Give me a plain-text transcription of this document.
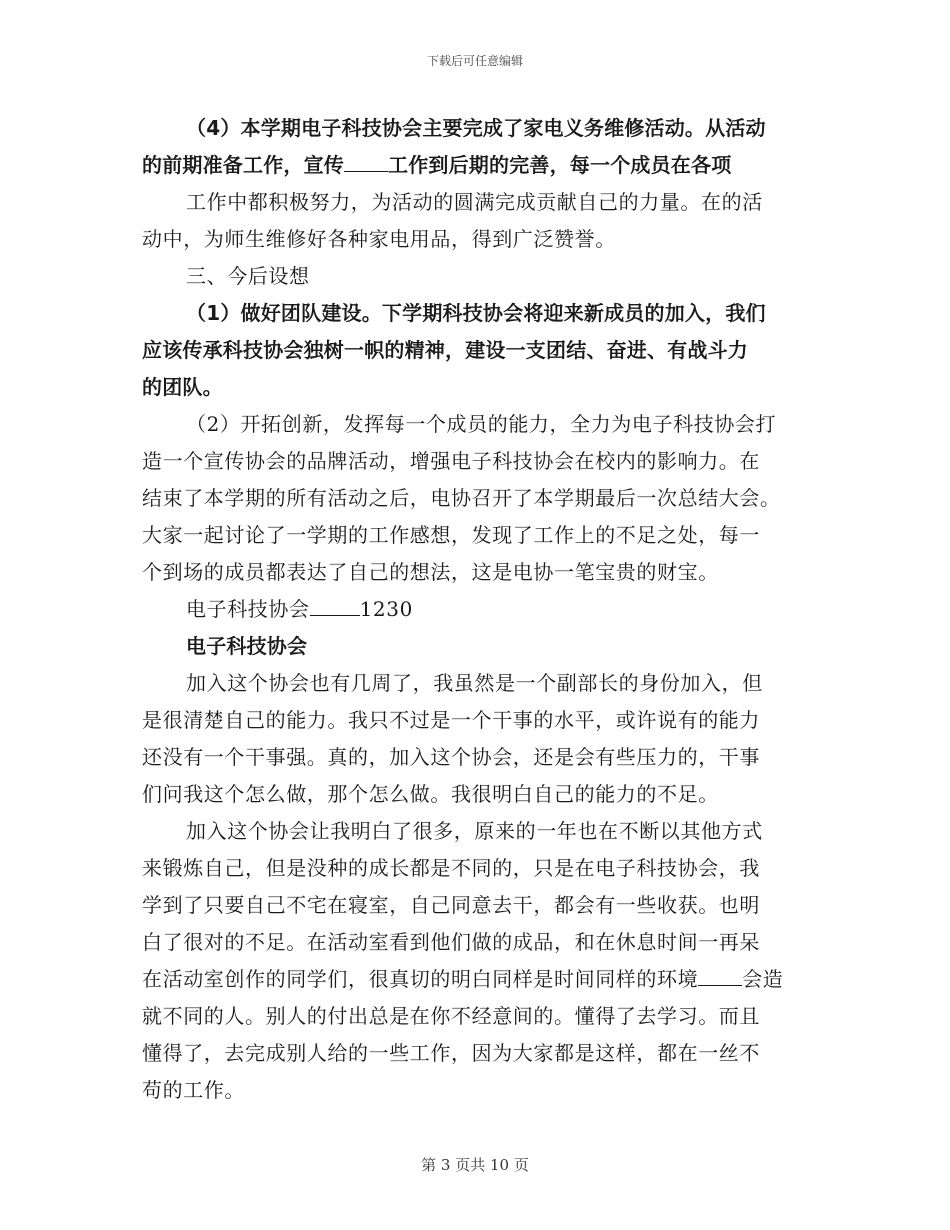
下载后可任意编辑
（4）本学期电子科技协会主要完成了家电义务维修活动。从活动
的前期准备工作，宣传 工作到后期的完善，每一个成员在各项
工作中都积极努力，为活动的圆满完成贡献自己的力量。在的活
动中，为师生维修好各种家电用品，得到广泛赞誉。
三、今后设想
（1）做好团队建设。下学期科技协会将迎来新成员的加入，我们
应该传承科技协会独树一帜的精神，建设一支团结、奋进、有战斗力
的团队。
（2）开拓创新，发挥每一个成员的能力，全力为电子科技协会打
造一个宣传协会的品牌活动，增强电子科技协会在校内的影响力。在
结束了本学期的所有活动之后，电协召开了本学期最后一次总结大会。
大家一起讨论了一学期的工作感想，发现了工作上的不足之处，每一
个到场的成员都表达了自己的想法，这是电协一笔宝贵的财宝。
电子科技协会	1230
电子科技协会
加入这个协会也有几周了，我虽然是一个副部长的身份加入，但
是很清楚自己的能力。我只不过是一个干事的水平，或许说有的能力
还没有一个干事强。真的，加入这个协会，还是会有些压力的，干事
们问我这个怎么做，那个怎么做。我很明白自己的能力的不足。
加入这个协会让我明白了很多，原来的一年也在不断以其他方式
来锻炼自己，但是没种的成长都是不同的，只是在电子科技协会，我
学到了只要自己不宅在寝室，自己同意去干，都会有一些收获。也明
白了很对的不足。在活动室看到他们做的成品，和在休息时间一再呆
在活动室创作的同学们，很真切的明白同样是时间同样的环境 会造
就不同的人。别人的付出总是在你不经意间的。懂得了去学习。而且
懂得了，去完成别人给的一些工作，因为大家都是这样，都在一丝不
苟的工作。
第 3 页共 10 页
